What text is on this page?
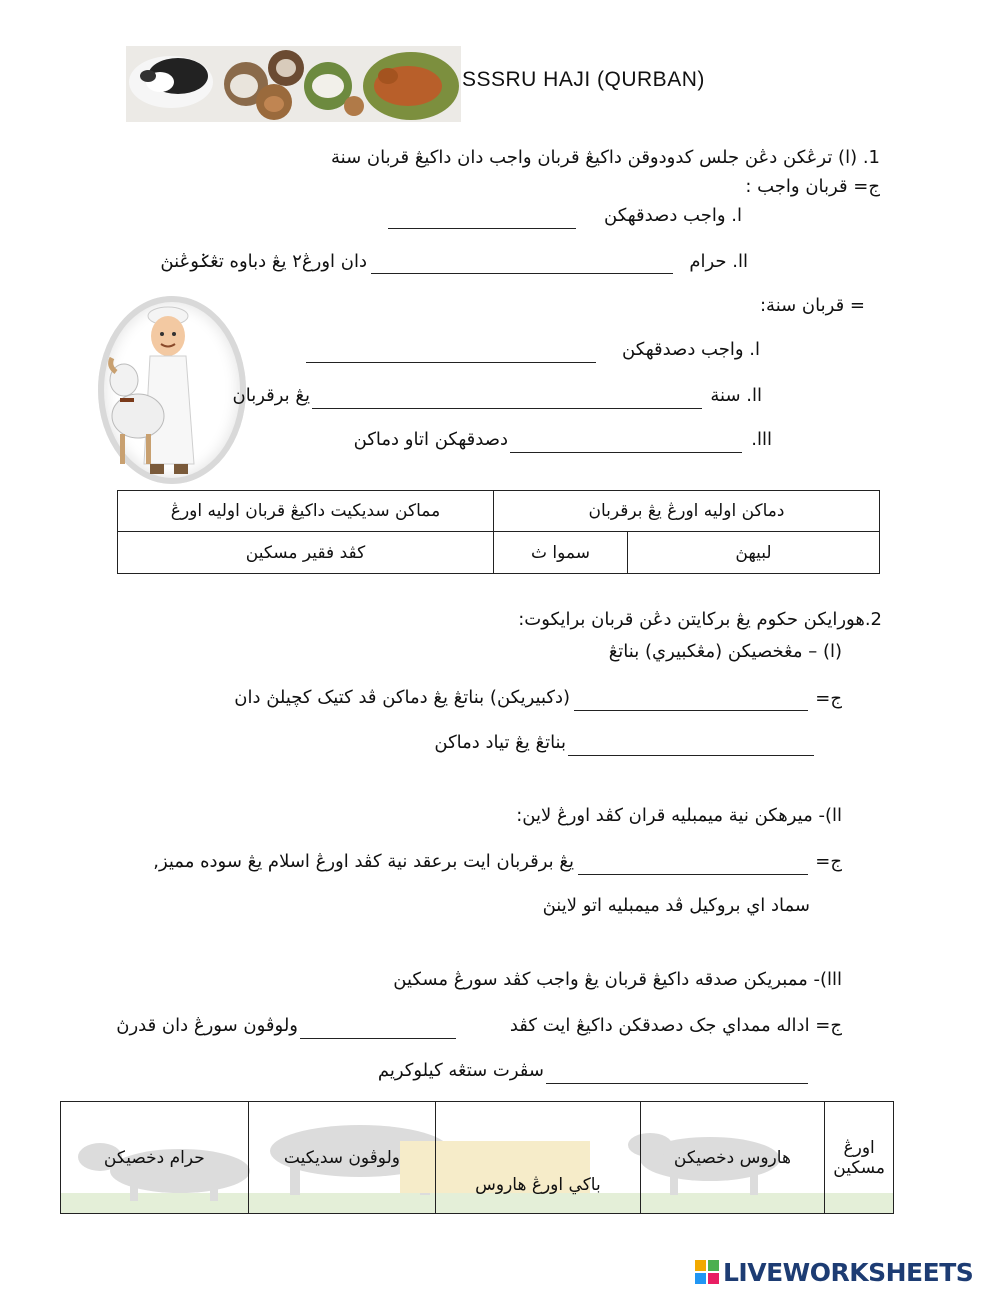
SSSRU HAJI (QURBAN)
1. (ا) ترڠکن دڠن جلس کدودوقن داکيڠ قربان واجب دان داکيڠ قربان سنة
ج= قربان واجب :
ا. واجب دصدقهکن
اا. حرام
دان اورڠ٢ يڠ دباوه تڠݢوڠنڽ
= قربان سنة:
ا. واجب دصدقهکن
اا. سنة
يڠ برقربان
ااا.
دصدقهکن اتاو دماکن
مماکن سديکيت داکيڠ قربان اوليه اورڠ	دماکن اوليه اورڠ يڠ برقربان	
کڤد فقير مسکين	سموا ث	لبيهڽ
2.هورايکن حکوم يڠ برکايتن دڠن قربان برايکوت:
(ا) – مڠخصيکن (مڠکبيري) بناتڠ
ج=
(دکبيريکن) بناتڠ يڠ دماکن ڤد کتيک کچيلڽ دان
بناتڠ يڠ تياد دماکن
اا)- ميرهکن نية ميمبليه قران کڤد اورڠ لاين:
ج=
يڠ برقربان ايت برعقد نية کڤد اورڠ اسلام يڠ سوده مميز,
سماد اي بروکيل ڤد ميمبليه اتو لاينڽ
ااا)- ممبريکن صدقه داکيڠ قربان يڠ واجب کڤد سورڠ مسکين
ج= اداله ممداي جک دصدقکن داکيڠ ايت کڤد
ولوڤون سورڠ دان قدرڽ
سڤرت ستڠه کيلوکريم
حرام دخصيکن	ولوڤون سديکيت	باکي اورڠ هاروس	هاروس دخصيکن	اورڠ مسکين
LIVEWORKSHEETS
